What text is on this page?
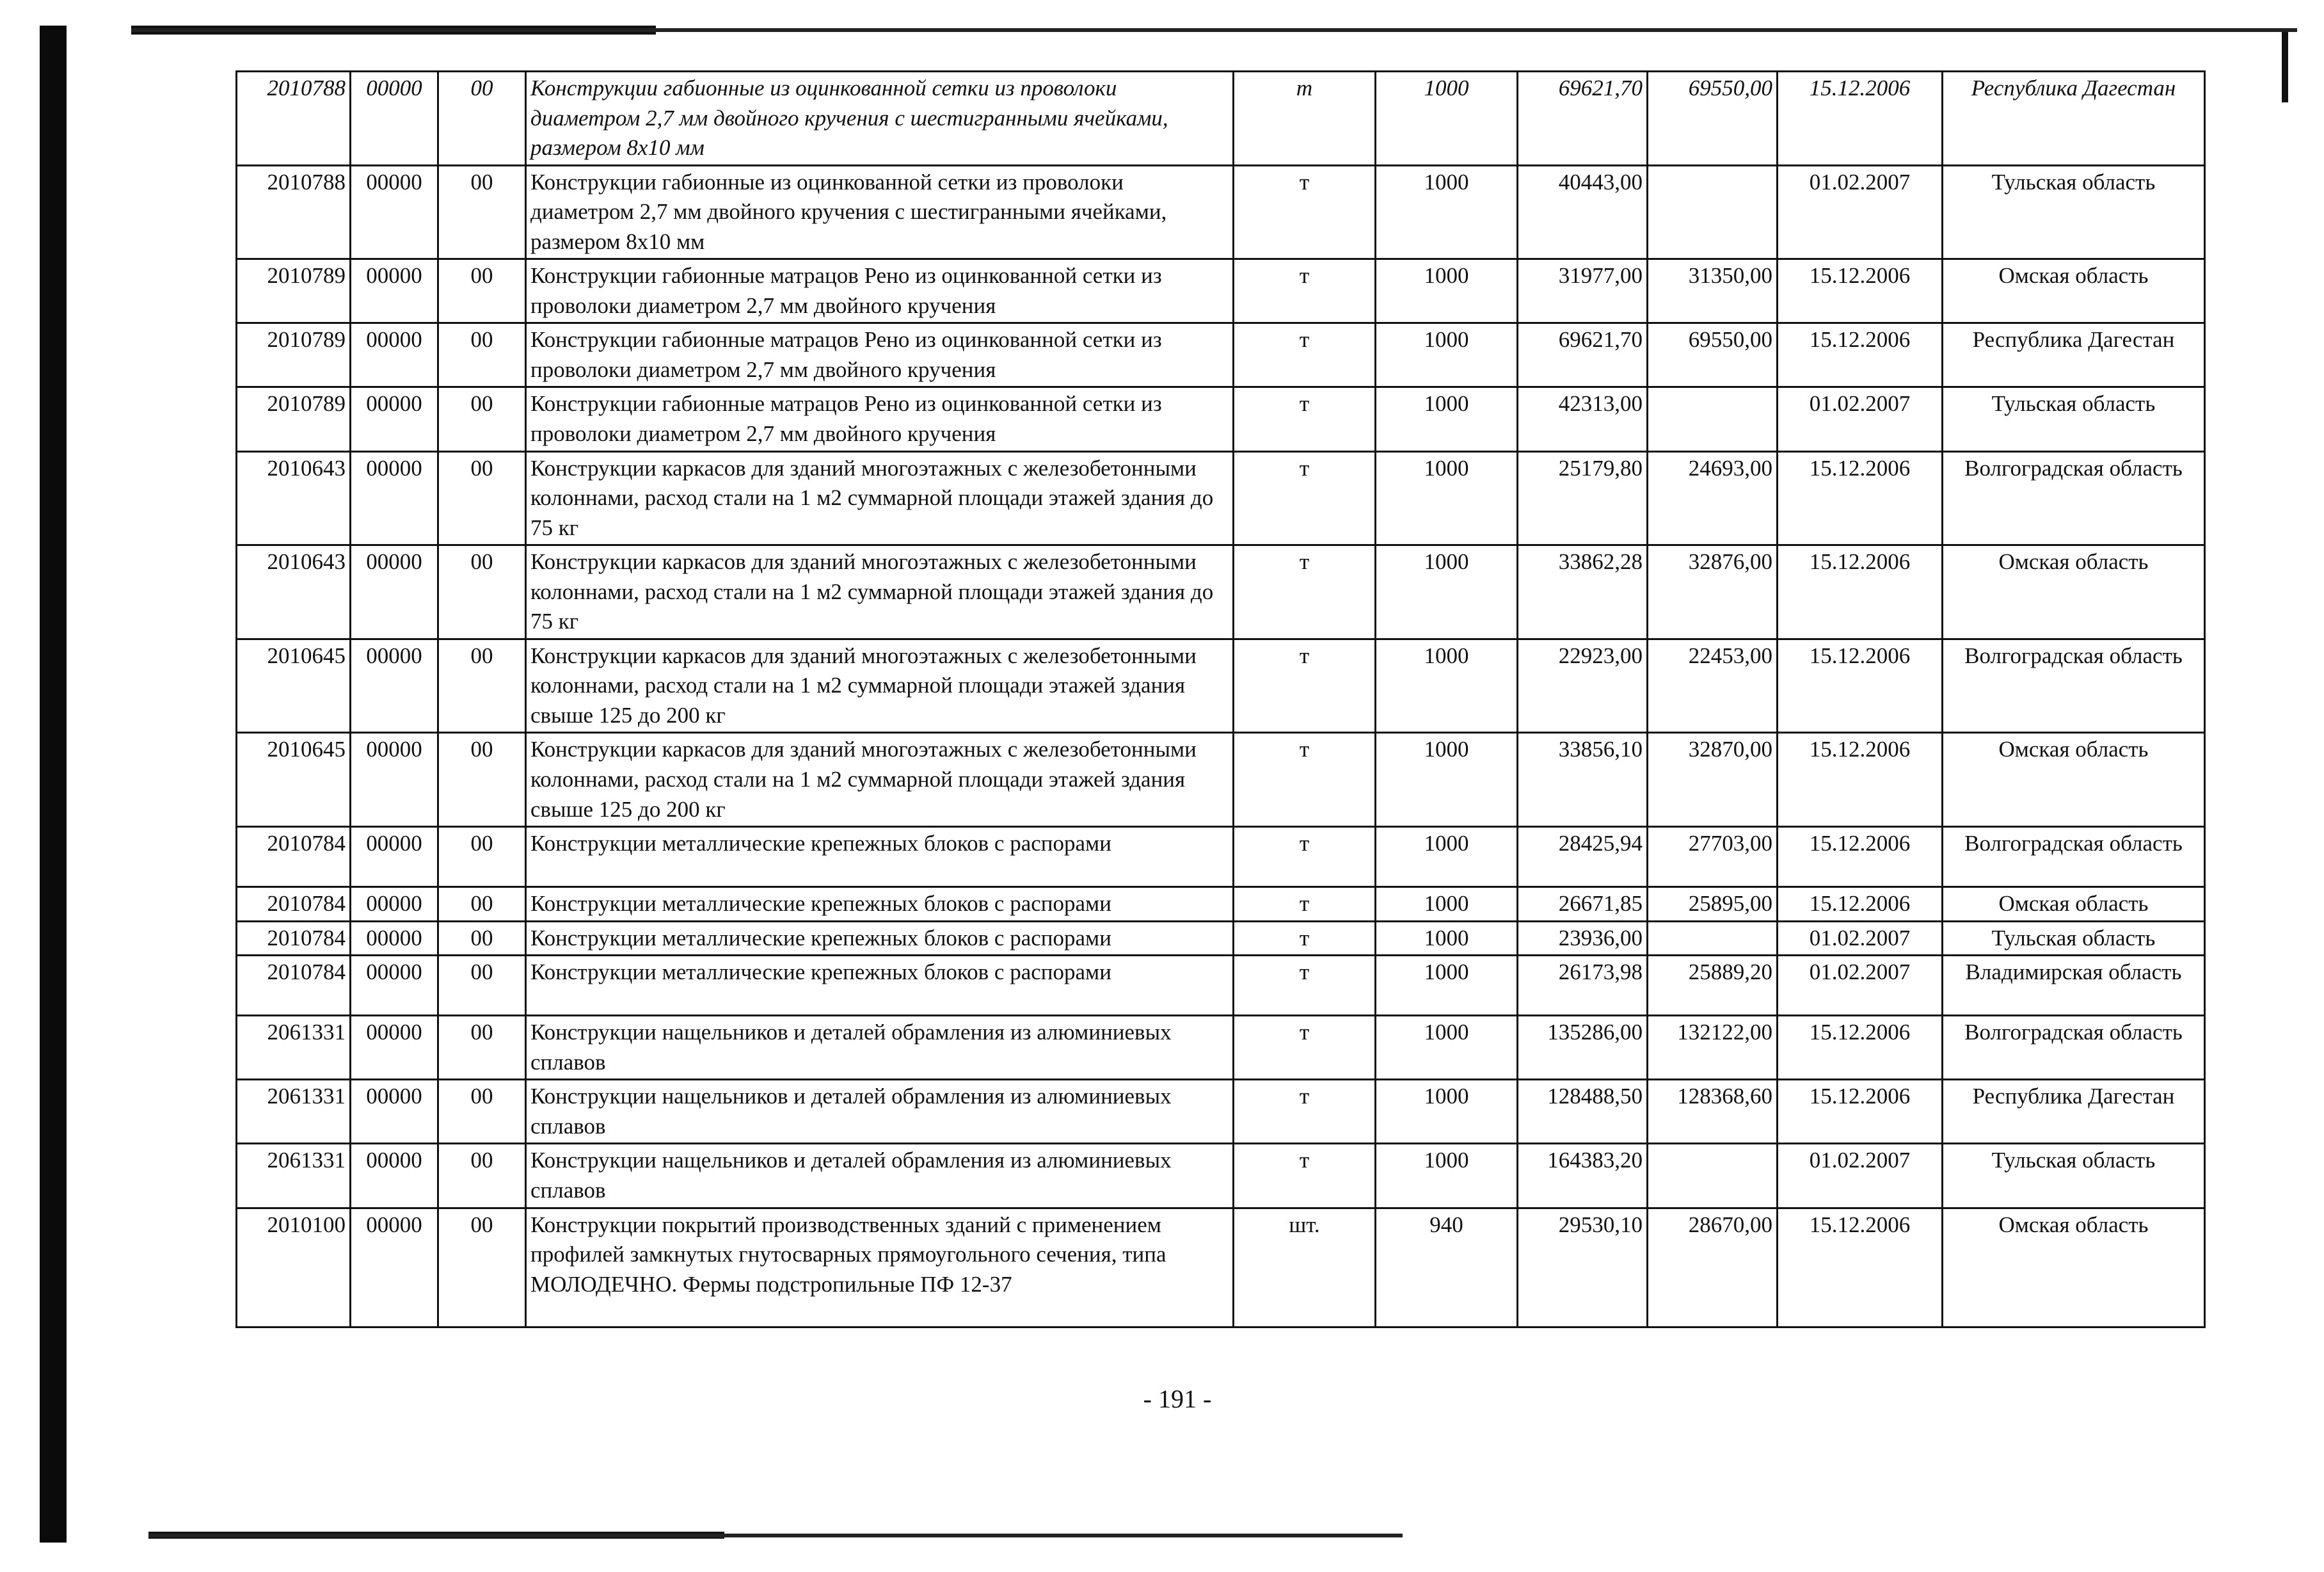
2010788	00000	00	Конструкции габионные из оцинкованной сетки из проволоки диаметром 2,7 мм двойного кручения с шестигранными ячейками, размером 8x10 мм	т	1000	69621,70	69550,00	15.12.2006	Республика Дагестан
2010788	00000	00	Конструкции габионные из оцинкованной сетки из проволоки диаметром 2,7 мм двойного кручения с шестигранными ячейками, размером 8x10 мм	т	1000	40443,00		01.02.2007	Тульская область
2010789	00000	00	Конструкции габионные матрацов Рено из оцинкованной сетки из проволоки диаметром 2,7 мм двойного кручения	т	1000	31977,00	31350,00	15.12.2006	Омская область
2010789	00000	00	Конструкции габионные матрацов Рено из оцинкованной сетки из проволоки диаметром 2,7 мм двойного кручения	т	1000	69621,70	69550,00	15.12.2006	Республика Дагестан
2010789	00000	00	Конструкции габионные матрацов Рено из оцинкованной сетки из проволоки диаметром 2,7 мм двойного кручения	т	1000	42313,00		01.02.2007	Тульская область
2010643	00000	00	Конструкции каркасов для зданий многоэтажных с железобетонными колоннами, расход стали на 1 м2 суммарной площади этажей здания до 75 кг	т	1000	25179,80	24693,00	15.12.2006	Волгоградская область
2010643	00000	00	Конструкции каркасов для зданий многоэтажных с железобетонными колоннами, расход стали на 1 м2 суммарной площади этажей здания до 75 кг	т	1000	33862,28	32876,00	15.12.2006	Омская область
2010645	00000	00	Конструкции каркасов для зданий многоэтажных с железобетонными колоннами, расход стали на 1 м2 суммарной площади этажей здания свыше 125 до 200 кг	т	1000	22923,00	22453,00	15.12.2006	Волгоградская область
2010645	00000	00	Конструкции каркасов для зданий многоэтажных с железобетонными колоннами, расход стали на 1 м2 суммарной площади этажей здания свыше 125 до 200 кг	т	1000	33856,10	32870,00	15.12.2006	Омская область
2010784	00000	00	Конструкции металлические крепежных блоков с распорами	т	1000	28425,94	27703,00	15.12.2006	Волгоградская область
2010784	00000	00	Конструкции металлические крепежных блоков с распорами	т	1000	26671,85	25895,00	15.12.2006	Омская область
2010784	00000	00	Конструкции металлические крепежных блоков с распорами	т	1000	23936,00		01.02.2007	Тульская область
2010784	00000	00	Конструкции металлические крепежных блоков с распорами	т	1000	26173,98	25889,20	01.02.2007	Владимирская область
2061331	00000	00	Конструкции нащельников и деталей обрамления из алюминиевых сплавов	т	1000	135286,00	132122,00	15.12.2006	Волгоградская область
2061331	00000	00	Конструкции нащельников и деталей обрамления из алюминиевых сплавов	т	1000	128488,50	128368,60	15.12.2006	Республика Дагестан
2061331	00000	00	Конструкции нащельников и деталей обрамления из алюминиевых сплавов	т	1000	164383,20		01.02.2007	Тульская область
2010100	00000	00	Конструкции покрытий производственных зданий с применением профилей замкнутых гнутосварных прямоугольного сечения, типа МОЛОДЕЧНО. Фермы подстропильные ПФ 12-37	шт.	940	29530,10	28670,00	15.12.2006	Омская область
- 191 -
